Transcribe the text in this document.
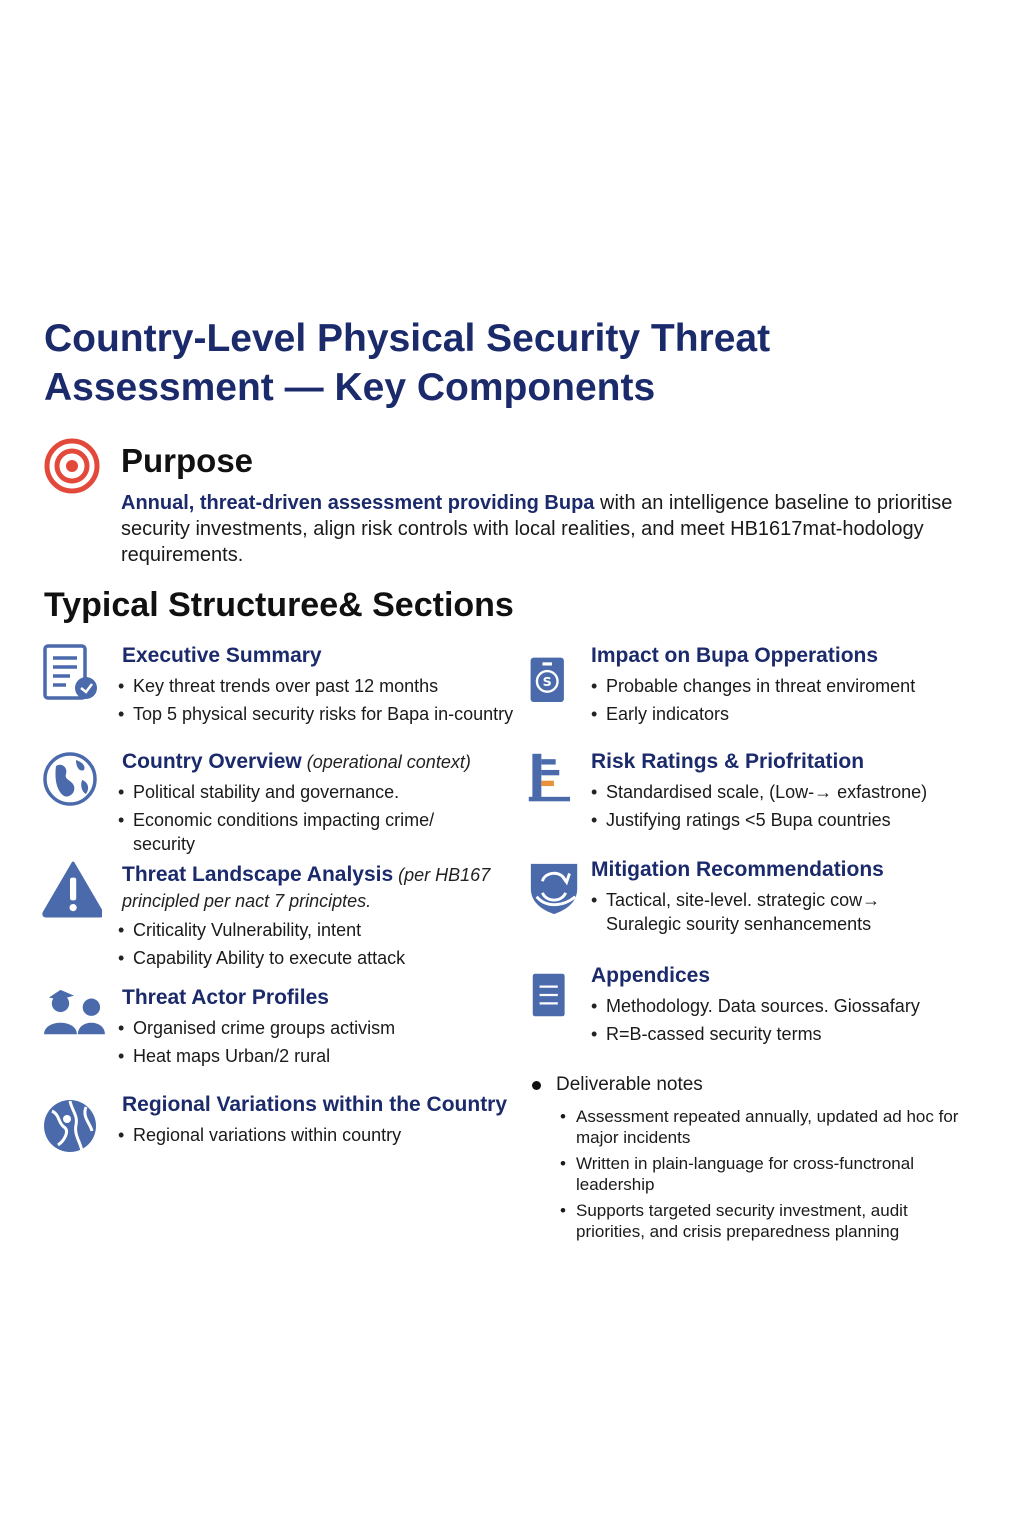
Country-Level Physical Security Threat
Assessment — Key Components
Purpose

Annual, threat-driven assessment providing Bupa with an intelligence baseline to prioritise security investments, align risk controls with local realities, and meet HB1617mat-hodology requirements.

Typical Structuree& Sections
Executive Summary
• Key threat trends over past 12 months
• Top 5 physical security risks for Bapa in-country
Country Overview (operational context)
• Political stability and governance.
• Economic conditions impacting crime/ security
Threat Landscape Analysis (per HB167
principled per nact 7 principtes.
• Criticality Vulnerability, intent
• Capability Ability to execute attack
Threat Actor Profiles
• Organised crime groups activism
• Heat maps Urban/2 rural
Regional Variations within the Country
• Regional variations within country
S
Impact on Bupa Opperations
• Probable changes in threat enviroment
• Early indicators
Risk Ratings & Priofritation
• Standardised scale, (Low-→ exfastrone)
• Justifying ratings <5 Bupa countries
Mitigation Recommendations
• Tactical, site-level. strategic cow→ Suralegic sourity senhancements
Appendices
• Methodology. Data sources. Giossafary
• R=B-cassed security terms
Deliverable notes
• Assessment repeated annually, updated ad hoc for major incidents
• Written in plain-language for cross-functronal leadership
• Supports targeted security investment, audit priorities, and crisis preparedness planning
